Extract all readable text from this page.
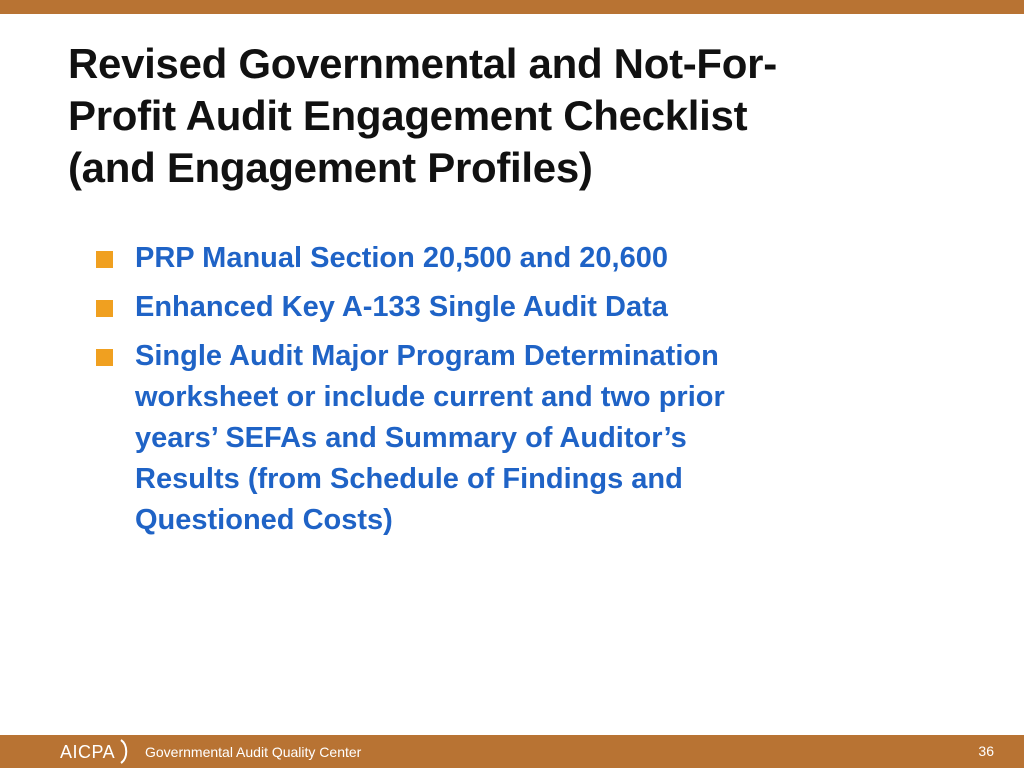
Revised Governmental and Not-For-
Profit Audit Engagement Checklist
(and Engagement Profiles)
PRP Manual Section 20,500 and 20,600
Enhanced Key A-133 Single Audit Data
Single Audit Major Program Determination
worksheet or include current and two prior
years’ SEFAs and Summary of Auditor’s
Results (from Schedule of Findings and
Questioned Costs)
AICPA Governmental Audit Quality Center	36
